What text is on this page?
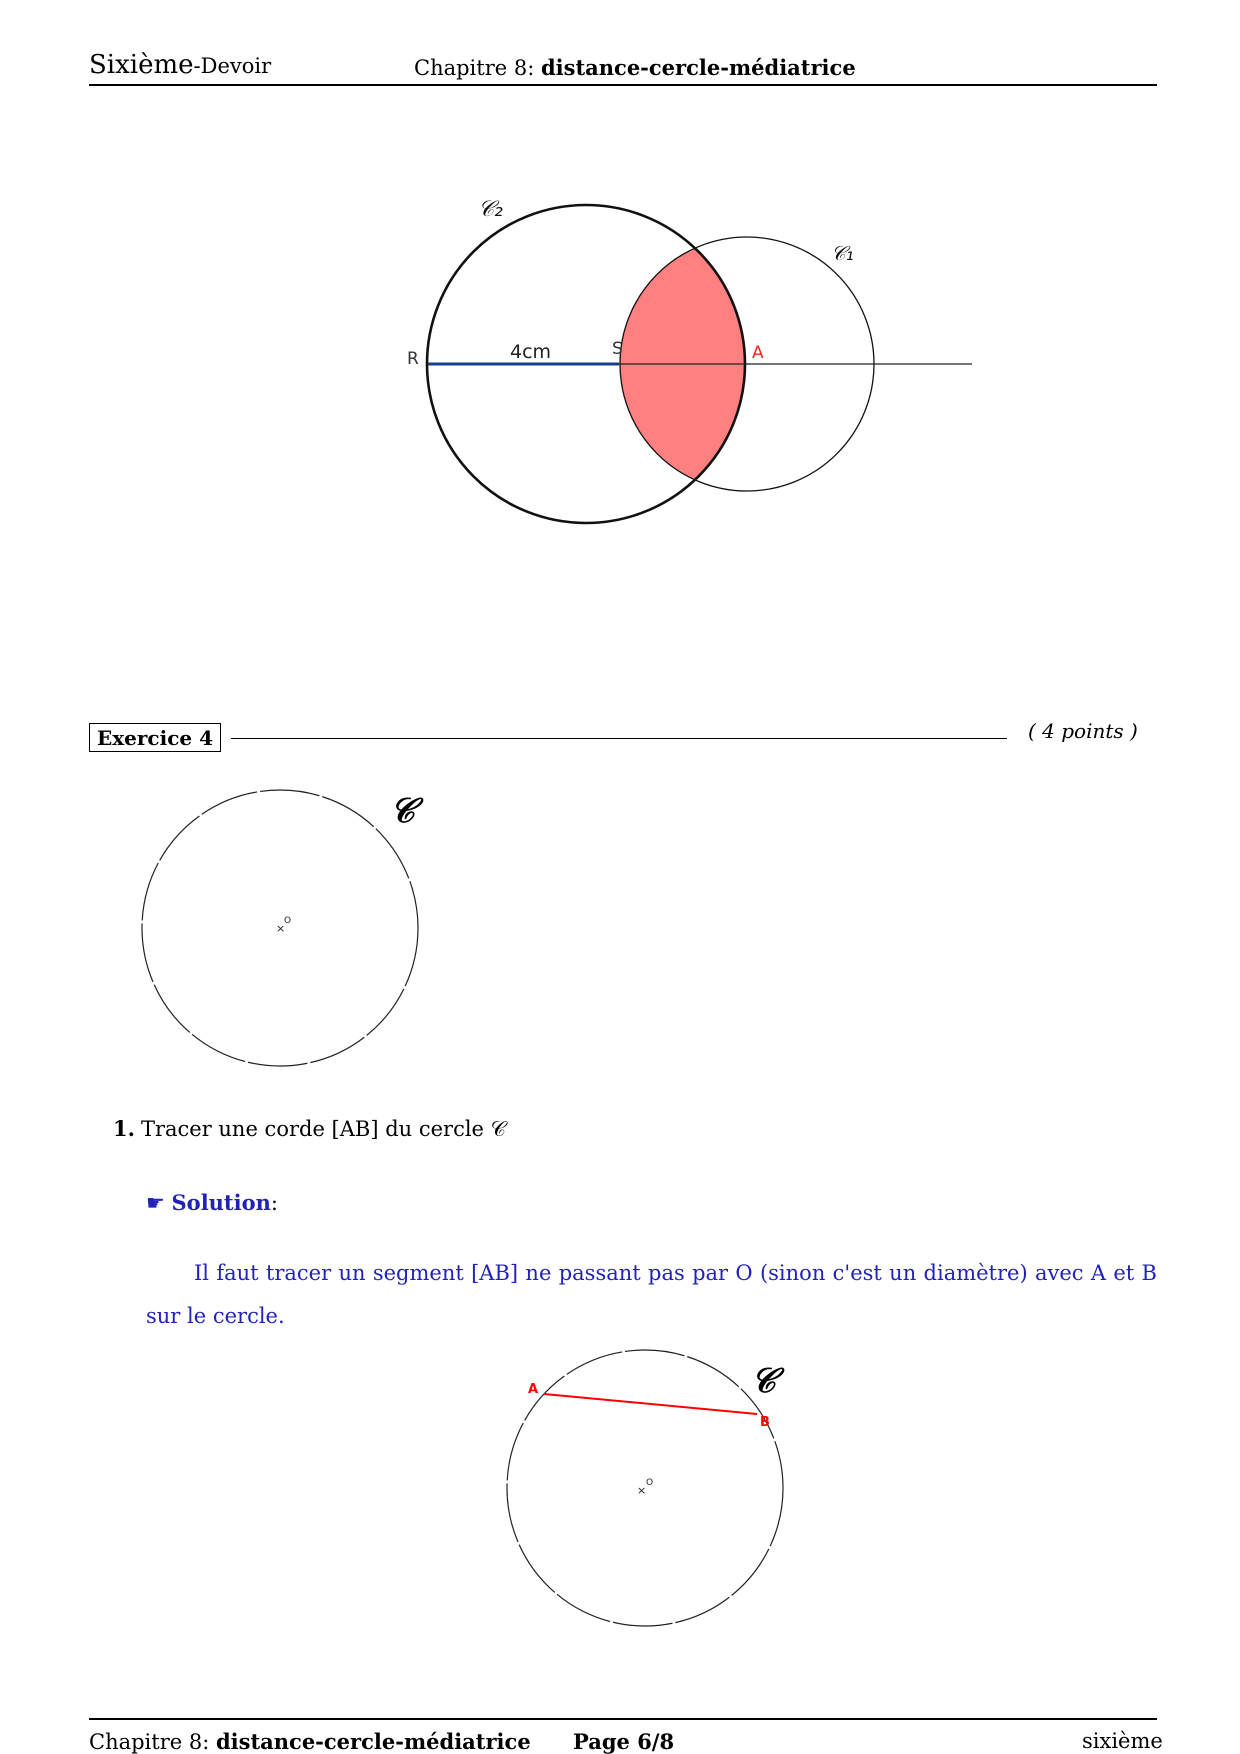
Sixième-Devoir	Chapitre 8: distance-cercle-médiatrice
𝒞₂
𝒞₁
R	4cm	S	A
Exercice 4	( 4 points )
×
O
𝒞
1. Tracer une corde [AB] du cercle 𝒞
☛ Solution:
Il faut tracer un segment [AB] ne passant pas par O (sinon c'est un diamètre) avec A et B sur le cercle.
A
B
×
O
𝒞
Chapitre 8: distance-cercle-médiatrice Page 6/8	sixième
